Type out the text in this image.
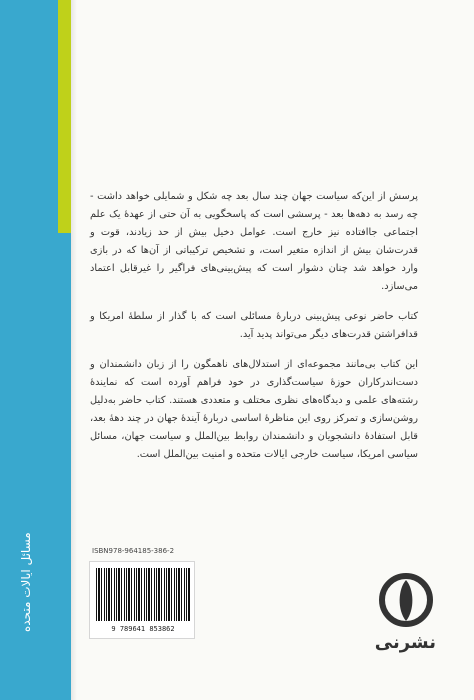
مسائل ایالات متحده

پرسش از این‌که سیاست جهان چند سال بعد چه شکل و شمایلی خواهد داشت - چه رسد به دهه‌ها بعد - پرسشی است که پاسخگویی به آن حتی از عهدهٔ یک علم اجتماعی جاافتاده نیز خارج است. عوامل دخیل بیش از حد زیادند، قوت و قدرت‌شان بیش از اندازه متغیر است، و تشخیص ترکیباتی از آن‌ها که در بازی وارد خواهد شد چنان دشوار است که پیش‌بینی‌های فراگیر را غیرقابل اعتماد می‌سازد.

کتاب حاضر نوعی پیش‌بینی دربارهٔ مسائلی است که با گذار از سلطهٔ امریکا و قدافراشتن قدرت‌های دیگر می‌تواند پدید آید.

این کتاب بی‌مانند مجموعه‌ای از استدلال‌های ناهمگون را از زبان دانشمندان و دست‌اندرکاران حوزهٔ سیاست‌گذاری در خود فراهم آورده است که نمایندهٔ رشته‌های علمی و دیدگاه‌های نظری مختلف و متعددی هستند. کتاب حاضر به‌دلیل روشن‌سازی و تمرکز روی این مناظرهٔ اساسی دربارهٔ آیندهٔ جهان در چند دههٔ بعد، قابل استفادهٔ دانشجویان و دانشمندان روابط بین‌الملل و سیاست جهان، مسائل سیاسی امریکا، سیاست خارجی ایالات متحده و امنیت بین‌الملل است.

ISBN978-964185-386-2
9 789641 853862
نشرنی
